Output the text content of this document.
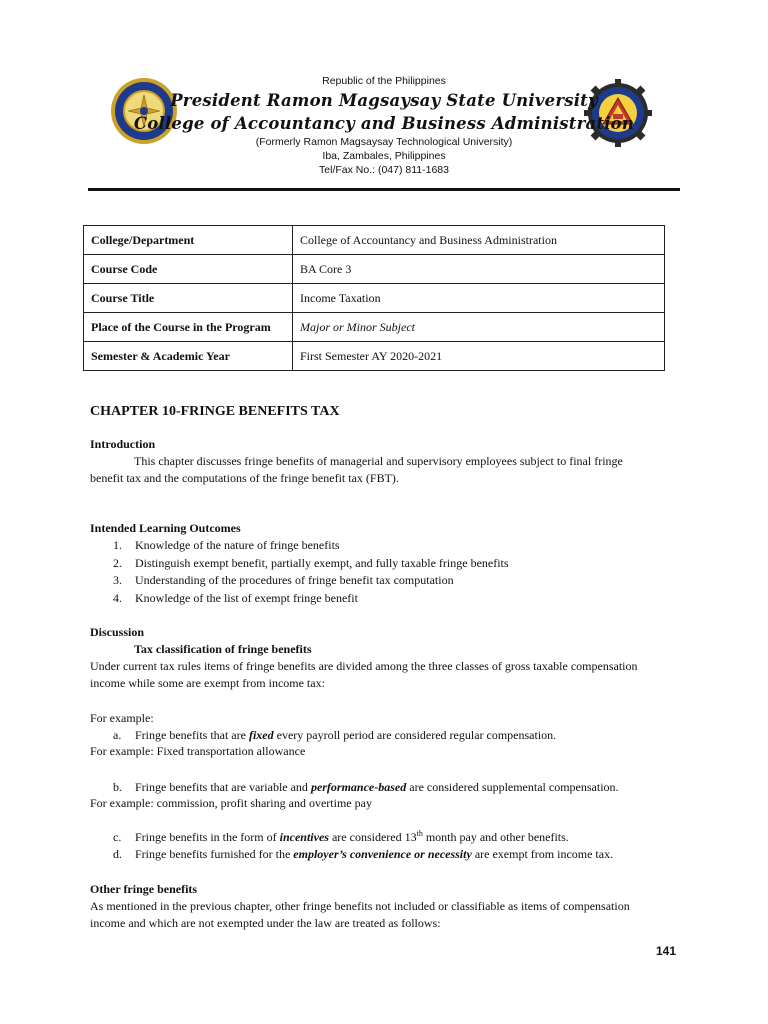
Republic of the Philippines
President Ramon Magsaysay State University
College of Accountancy and Business Administration
(Formerly Ramon Magsaysay Technological University)
Iba, Zambales, Philippines
Tel/Fax No.: (047) 811-1683
College/Department	College of Accountancy and Business Administration
Course Code	BA Core 3
Course Title	Income Taxation
Place of the Course in the Program	Major or Minor Subject
Semester & Academic Year	First Semester AY 2020-2021
CHAPTER 10-FRINGE BENEFITS TAX
Introduction
This chapter discusses fringe benefits of managerial and supervisory employees subject to final fringe
benefit tax and the computations of the fringe benefit tax (FBT).
Intended Learning Outcomes
1. Knowledge of the nature of fringe benefits
2. Distinguish exempt benefit, partially exempt, and fully taxable fringe benefits
3. Understanding of the procedures of fringe benefit tax computation
4. Knowledge of the list of exempt fringe benefit
Discussion
Tax classification of fringe benefits
Under current tax rules items of fringe benefits are divided among the three classes of gross taxable compensation
income while some are exempt from income tax:
For example:
a. Fringe benefits that are fixed every payroll period are considered regular compensation.
For example: Fixed transportation allowance
b. Fringe benefits that are variable and performance-based are considered supplemental compensation.
For example: commission, profit sharing and overtime pay
c. Fringe benefits in the form of incentives are considered 13th month pay and other benefits.
d. Fringe benefits furnished for the employer’s convenience or necessity are exempt from income tax.
Other fringe benefits
As mentioned in the previous chapter, other fringe benefits not included or classifiable as items of compensation
income and which are not exempted under the law are treated as follows:
141
